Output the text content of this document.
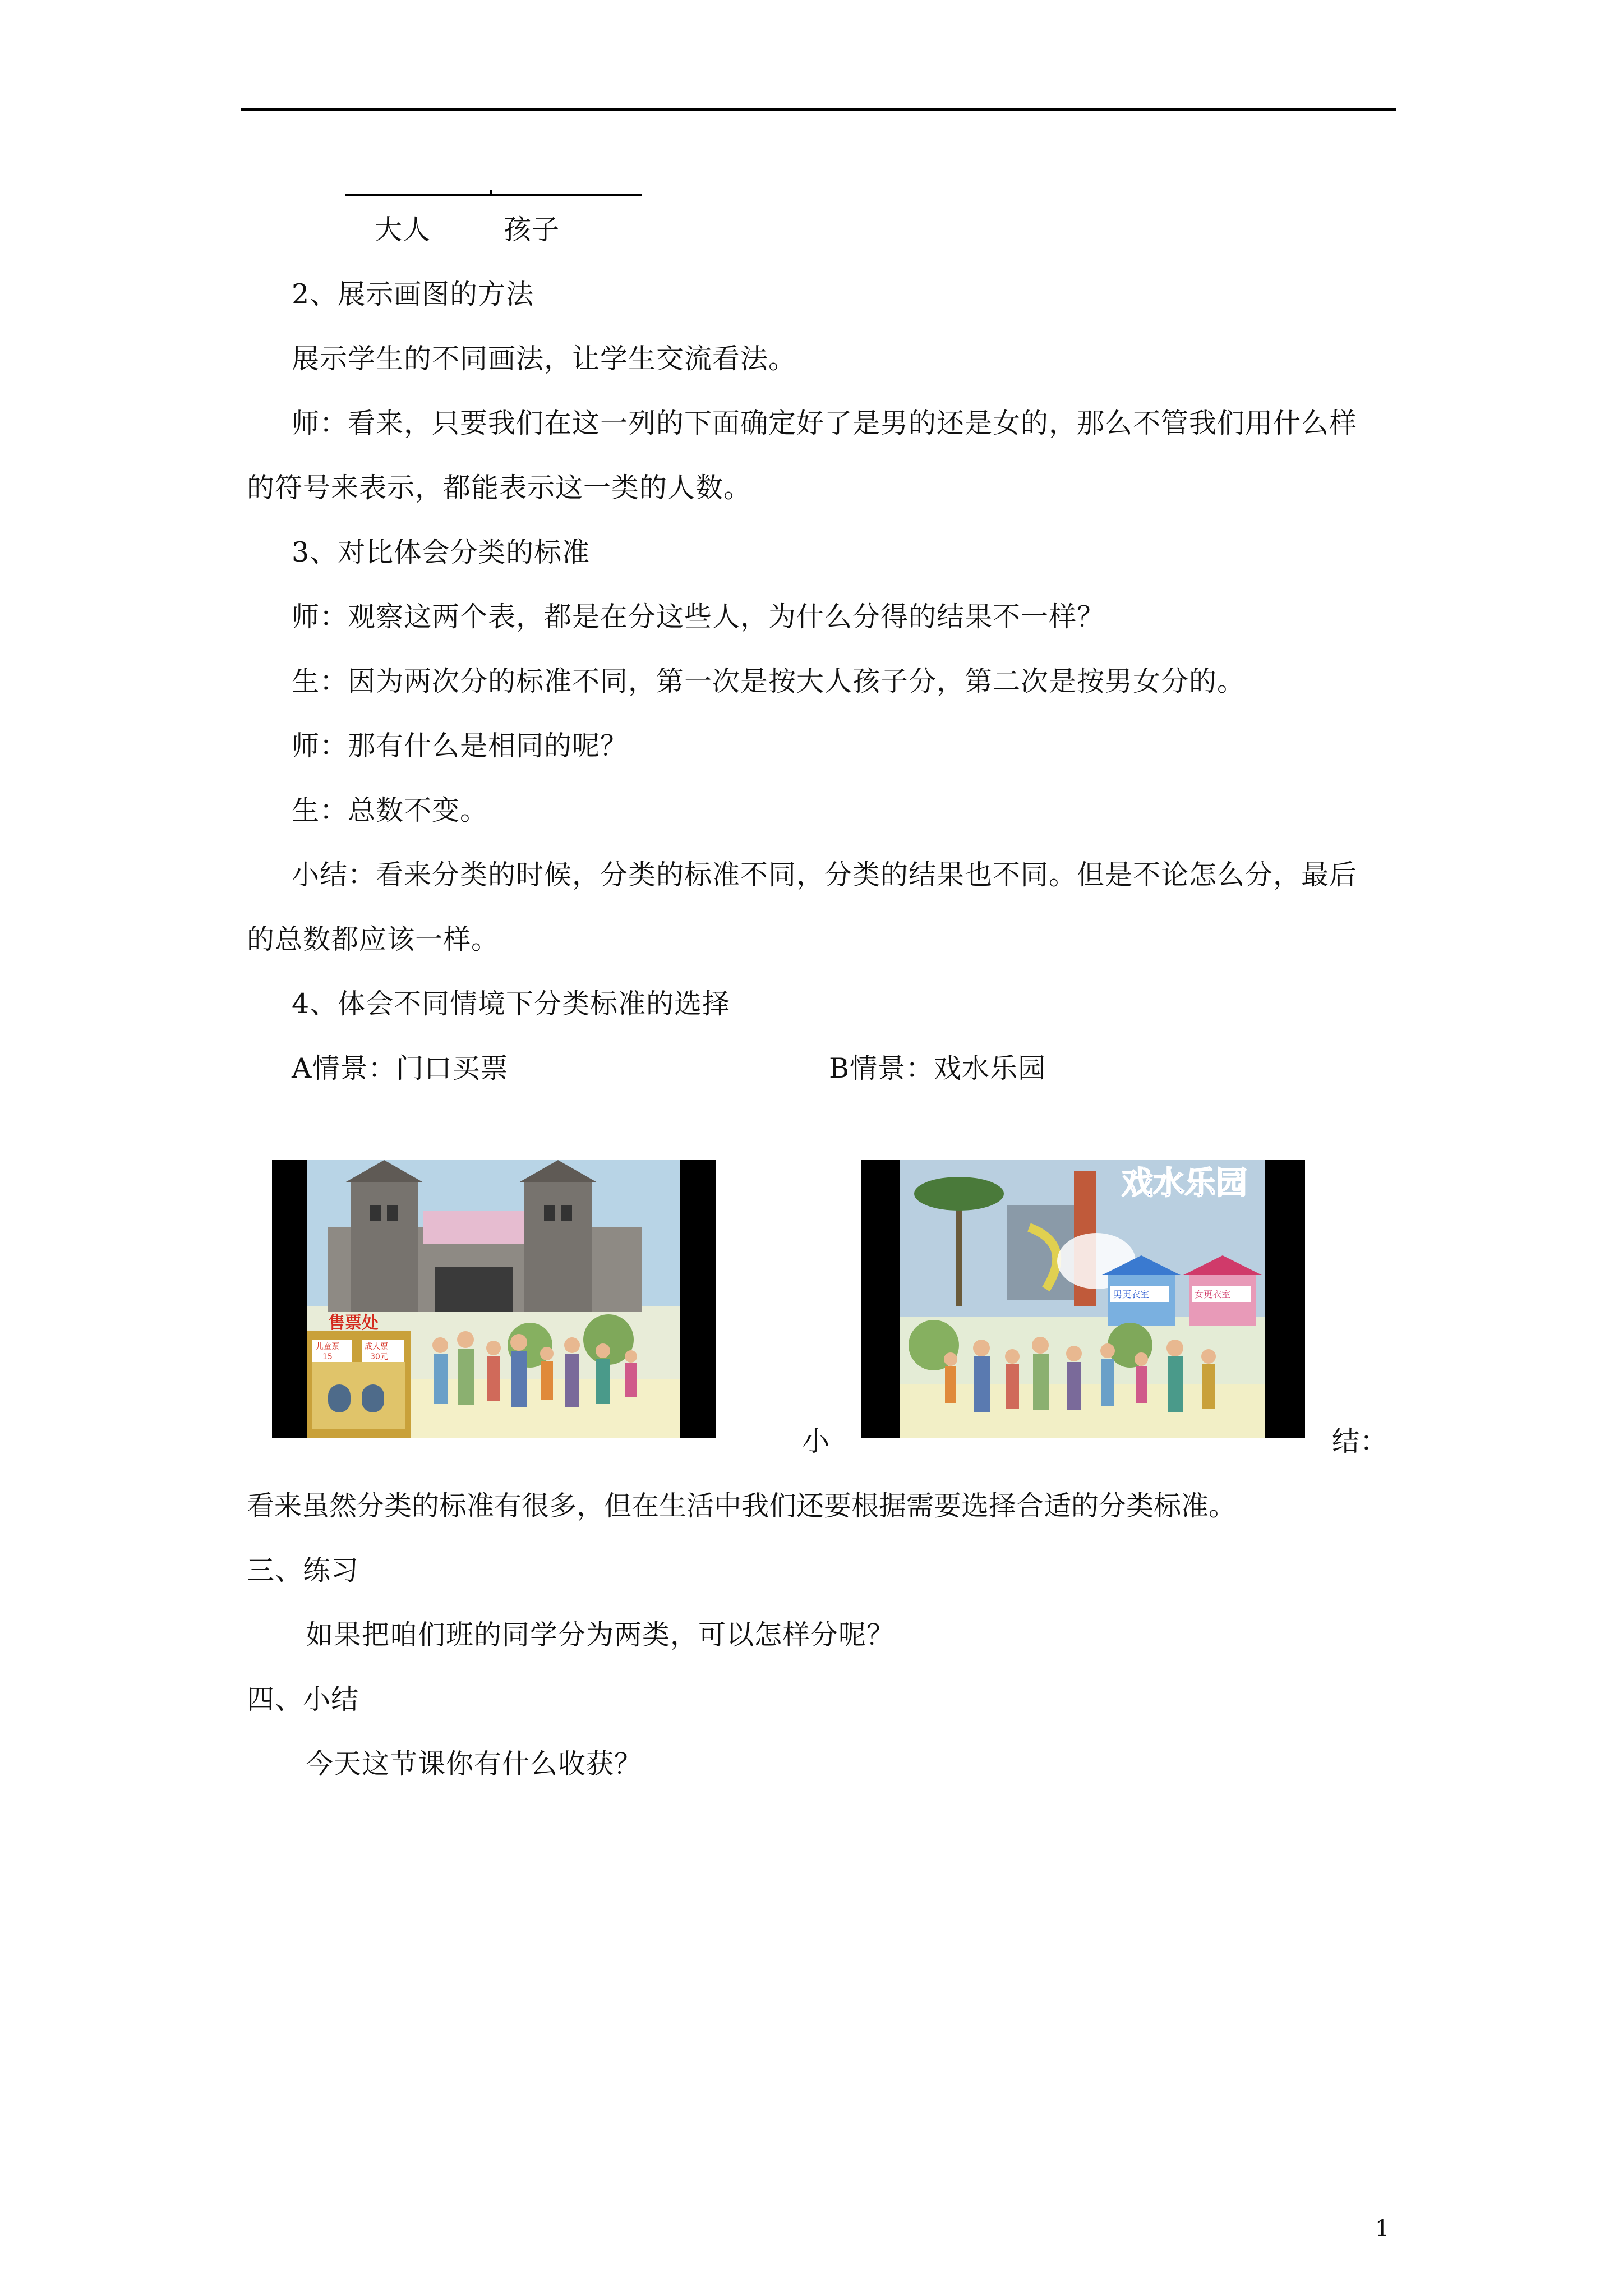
大人	孩子
2、展示画图的方法
展示学生的不同画法，让学生交流看法。
师：看来，只要我们在这一列的下面确定好了是男的还是女的，那么不管我们用什么样
的符号来表示，都能表示这一类的人数。
3、对比体会分类的标准
师：观察这两个表，都是在分这些人，为什么分得的结果不一样？
生：因为两次分的标准不同，第一次是按大人孩子分，第二次是按男女分的。
师：那有什么是相同的呢？
生：总数不变。
小结：看来分类的时候，分类的标准不同，分类的结果也不同。但是不论怎么分，最后
的总数都应该一样。
4、体会不同情境下分类标准的选择
A情景：门口买票	B情景：戏水乐园
售票处
儿童票
15
成人票
30元
戏水乐园
男更衣室	女更衣室
小	结：
看来虽然分类的标准有很多，但在生活中我们还要根据需要选择合适的分类标准。
三、练习
如果把咱们班的同学分为两类，可以怎样分呢？
四、小结
今天这节课你有什么收获？
1
